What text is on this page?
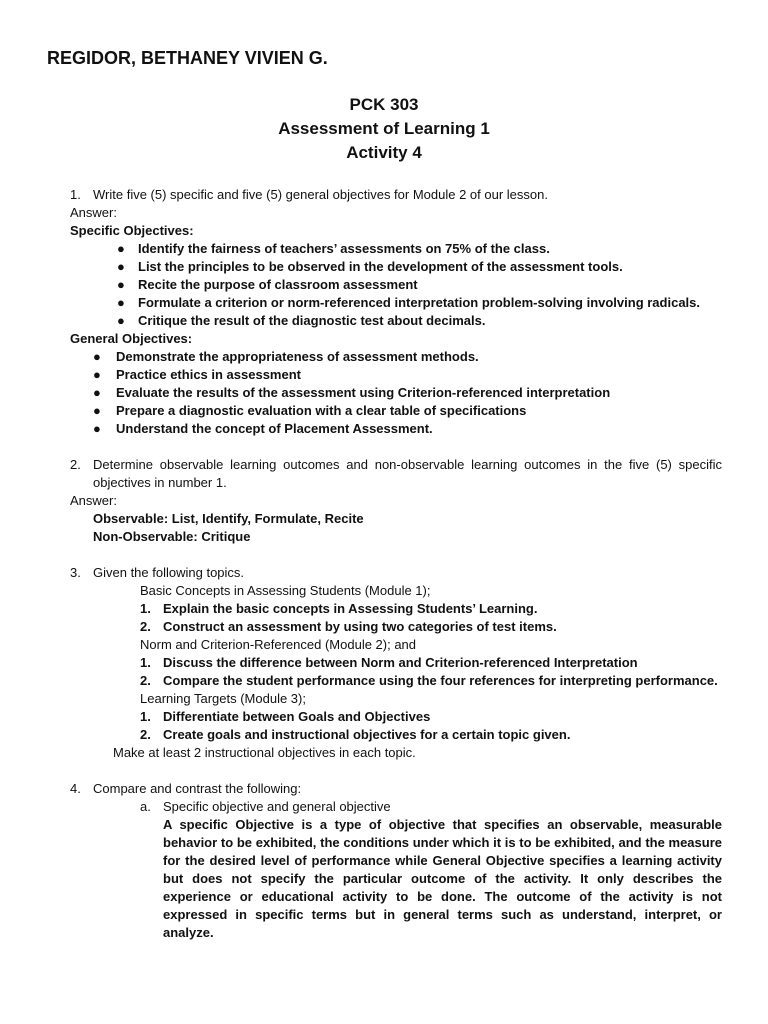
REGIDOR, BETHANEY VIVIEN G.
PCK 303
Assessment of Learning 1
Activity 4
1. Write five (5) specific and five (5) general objectives for Module 2 of our lesson.
Answer:
Specific Objectives:
● Identify the fairness of teachers’ assessments on 75% of the class.
● List the principles to be observed in the development of the assessment tools.
● Recite the purpose of classroom assessment
● Formulate a criterion or norm-referenced interpretation problem-solving involving radicals.
● Critique the result of the diagnostic test about decimals.
General Objectives:
● Demonstrate the appropriateness of assessment methods.
● Practice ethics in assessment
● Evaluate the results of the assessment using Criterion-referenced interpretation
● Prepare a diagnostic evaluation with a clear table of specifications
● Understand the concept of Placement Assessment.
2. Determine observable learning outcomes and non-observable learning outcomes in the five (5) specific objectives in number 1.
Answer:
Observable: List, Identify, Formulate, Recite
Non-Observable: Critique
3. Given the following topics.
Basic Concepts in Assessing Students (Module 1);
1. Explain the basic concepts in Assessing Students’ Learning.
2. Construct an assessment by using two categories of test items.
Norm and Criterion-Referenced (Module 2); and
1. Discuss the difference between Norm and Criterion-referenced Interpretation
2. Compare the student performance using the four references for interpreting performance.
Learning Targets (Module 3);
1. Differentiate between Goals and Objectives
2. Create goals and instructional objectives for a certain topic given.
Make at least 2 instructional objectives in each topic.
4. Compare and contrast the following:
a. Specific objective and general objective
A specific Objective is a type of objective that specifies an observable, measurable behavior to be exhibited, the conditions under which it is to be exhibited, and the measure for the desired level of performance while General Objective specifies a learning activity but does not specify the particular outcome of the activity. It only describes the experience or educational activity to be done. The outcome of the activity is not expressed in specific terms but in general terms such as understand, interpret, or analyze.
